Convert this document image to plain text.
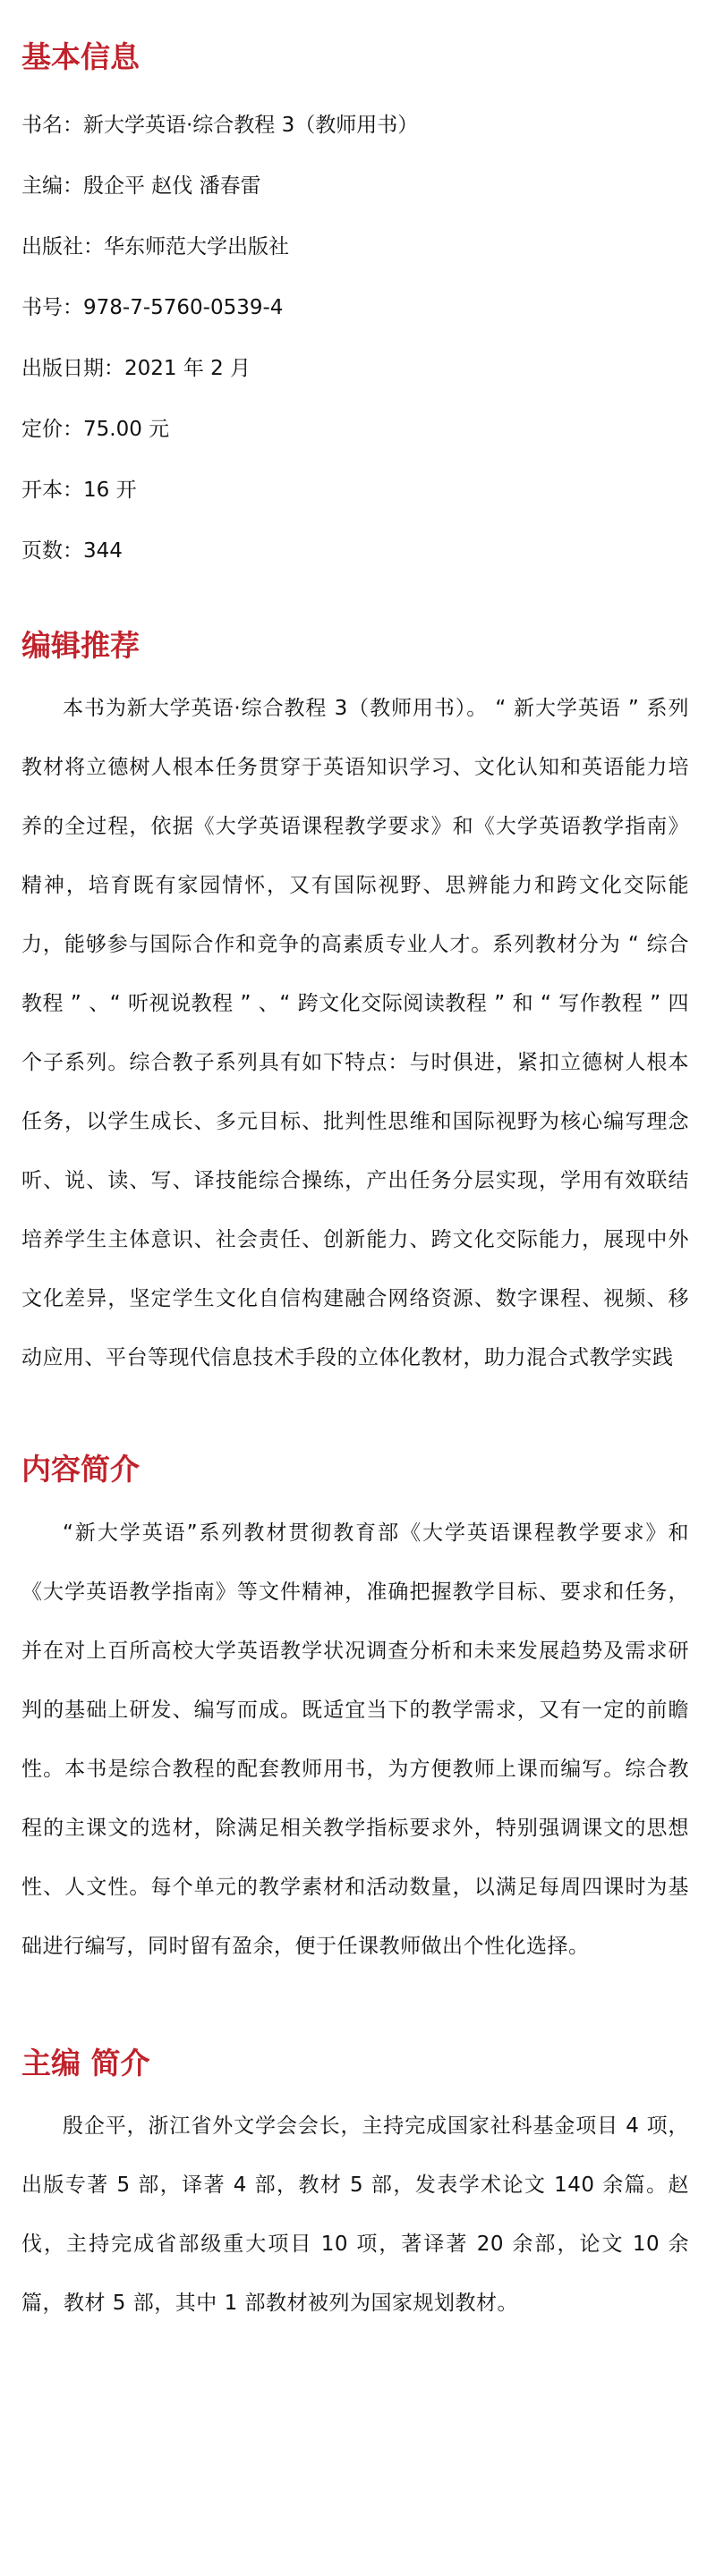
基本信息
书名：新大学英语·综合教程 3（教师用书）
主编：殷企平 赵伐 潘春雷
出版社：华东师范大学出版社
书号：978-7-5760-0539-4
出版日期：2021 年 2 月
定价：75.00 元
开本：16 开
页数：344
编辑推荐

本书为新大学英语·综合教程 3（教师用书）。 “ 新大学英语 ” 系列教材将立德树人根本任务贯穿于英语知识学习、文化认知和英语能力培养的全过程，依据《大学英语课程教学要求》和《大学英语教学指南》精神，培育既有家园情怀，又有国际视野、思辨能力和跨文化交际能力，能够参与国际合作和竞争的高素质专业人才。系列教材分为 “ 综合教程 ” 、“ 听视说教程 ” 、“ 跨文化交际阅读教程 ” 和 “ 写作教程 ” 四个子系列。综合教子系列具有如下特点：与时俱进，紧扣立德树人根本任务，以学生成长、多元目标、批判性思维和国际视野为核心编写理念听、说、读、写、译技能综合操练，产出任务分层实现，学用有效联结培养学生主体意识、社会责任、创新能力、跨文化交际能力，展现中外文化差异，坚定学生文化自信构建融合网络资源、数字课程、视频、移动应用、平台等现代信息技术手段的立体化教材，助力混合式教学实践

内容简介

“新大学英语”系列教材贯彻教育部《大学英语课程教学要求》和《大学英语教学指南》等文件精神，准确把握教学目标、要求和任务，并在对上百所高校大学英语教学状况调查分析和未来发展趋势及需求研判的基础上研发、编写而成。既适宜当下的教学需求，又有一定的前瞻性。本书是综合教程的配套教师用书，为方便教师上课而编写。综合教程的主课文的选材，除满足相关教学指标要求外，特别强调课文的思想性、人文性。每个单元的教学素材和活动数量，以满足每周四课时为基础进行编写，同时留有盈余，便于任课教师做出个性化选择。

主编 简介

殷企平，浙江省外文学会会长，主持完成国家社科基金项目 4 项，出版专著 5 部，译著 4 部，教材 5 部，发表学术论文 140 余篇。赵伐，主持完成省部级重大项目 10 项，著译著 20 余部，论文 10 余篇，教材 5 部，其中 1 部教材被列为国家规划教材。
